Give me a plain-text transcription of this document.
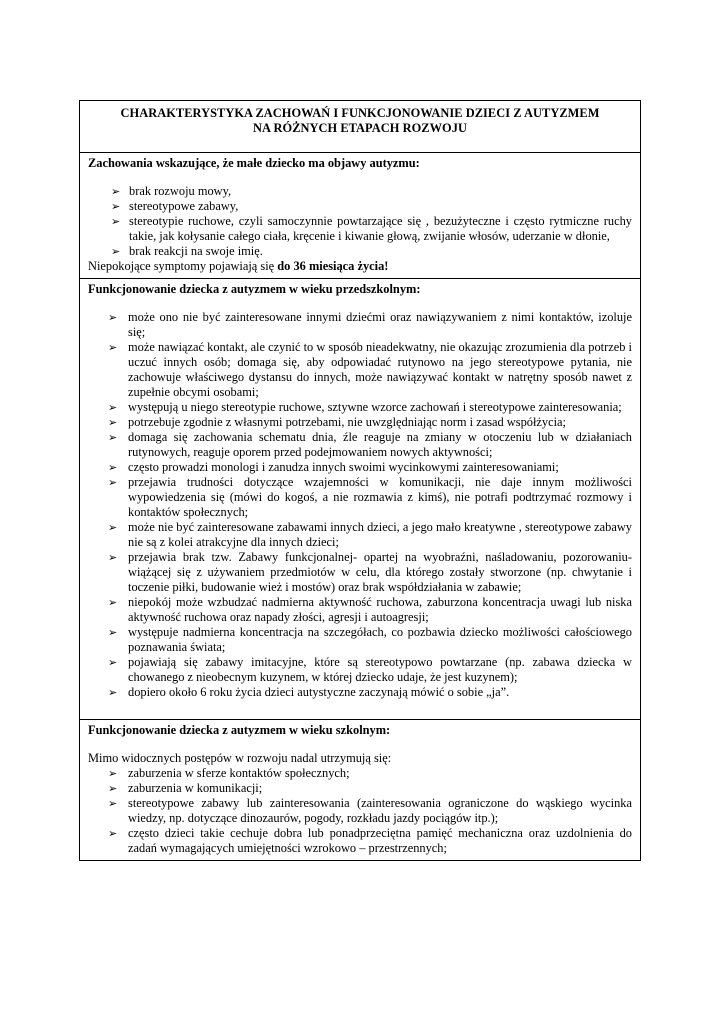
CHARAKTERYSTYKA ZACHOWAŃ I FUNKCJONOWANIE DZIECI Z AUTYZMEM
NA RÓŻNYCH ETAPACH ROZWOJU
Zachowania wskazujące, że małe dziecko ma objawy autyzmu:
➢ brak rozwoju mowy,
➢ stereotypowe zabawy,
➢ stereotypie ruchowe, czyli samoczynnie powtarzające się , bezużyteczne i często rytmiczne ruchy takie, jak kołysanie całego ciała, kręcenie i kiwanie głową, zwijanie włosów, uderzanie w dłonie,
➢ brak reakcji na swoje imię.
Niepokojące symptomy pojawiają się do 36 miesiąca życia!
Funkcjonowanie dziecka z autyzmem w wieku przedszkolnym:
➢ może ono nie być zainteresowane innymi dziećmi oraz nawiązywaniem z nimi kontaktów, izoluje się;
➢ może nawiązać kontakt, ale czynić to w sposób nieadekwatny, nie okazując zrozumienia dla potrzeb i uczuć innych osób; domaga się, aby odpowiadać rutynowo na jego stereotypowe pytania, nie zachowuje właściwego dystansu do innych, może nawiązywać kontakt w natrętny sposób nawet z zupełnie obcymi osobami;
➢ występują u niego stereotypie ruchowe, sztywne wzorce zachowań i stereotypowe zainteresowania;
➢ potrzebuje zgodnie z własnymi potrzebami, nie uwzględniając norm i zasad współżycia;
➢ domaga się zachowania schematu dnia, źle reaguje na zmiany w otoczeniu lub w działaniach rutynowych, reaguje oporem przed podejmowaniem nowych aktywności;
➢ często prowadzi monologi i zanudza innych swoimi wycinkowymi zainteresowaniami;
➢ przejawia trudności dotyczące wzajemności w komunikacji, nie daje innym możliwości wypowiedzenia się (mówi do kogoś, a nie rozmawia z kimś), nie potrafi podtrzymać rozmowy i kontaktów społecznych;
➢ może nie być zainteresowane zabawami innych dzieci, a jego mało kreatywne , stereotypowe zabawy nie są z kolei atrakcyjne dla innych dzieci;
➢ przejawia brak tzw. Zabawy funkcjonalnej- opartej na wyobraźni, naśladowaniu, pozorowaniu- wiążącej się z używaniem przedmiotów w celu, dla którego zostały stworzone (np. chwytanie i toczenie piłki, budowanie wież i mostów) oraz brak współdziałania w zabawie;
➢ niepokój może wzbudzać nadmierna aktywność ruchowa, zaburzona koncentracja uwagi lub niska aktywność ruchowa oraz napady złości, agresji i autoagresji;
➢ występuje nadmierna koncentracja na szczegółach, co pozbawia dziecko możliwości całościowego poznawania świata;
➢ pojawiają się zabawy imitacyjne, które są stereotypowo powtarzane (np. zabawa dziecka w chowanego z nieobecnym kuzynem, w której dziecko udaje, że jest kuzynem);
➢ dopiero około 6 roku życia dzieci autystyczne zaczynają mówić o sobie „ja”.
Funkcjonowanie dziecka z autyzmem w wieku szkolnym:
Mimo widocznych postępów w rozwoju nadal utrzymują się:
➢ zaburzenia w sferze kontaktów społecznych;
➢ zaburzenia w komunikacji;
➢ stereotypowe zabawy lub zainteresowania (zainteresowania ograniczone do wąskiego wycinka wiedzy, np. dotyczące dinozaurów, pogody, rozkładu jazdy pociągów itp.);
➢ często dzieci takie cechuje dobra lub ponadprzeciętna pamięć mechaniczna oraz uzdolnienia do zadań wymagających umiejętności wzrokowo – przestrzennych;
